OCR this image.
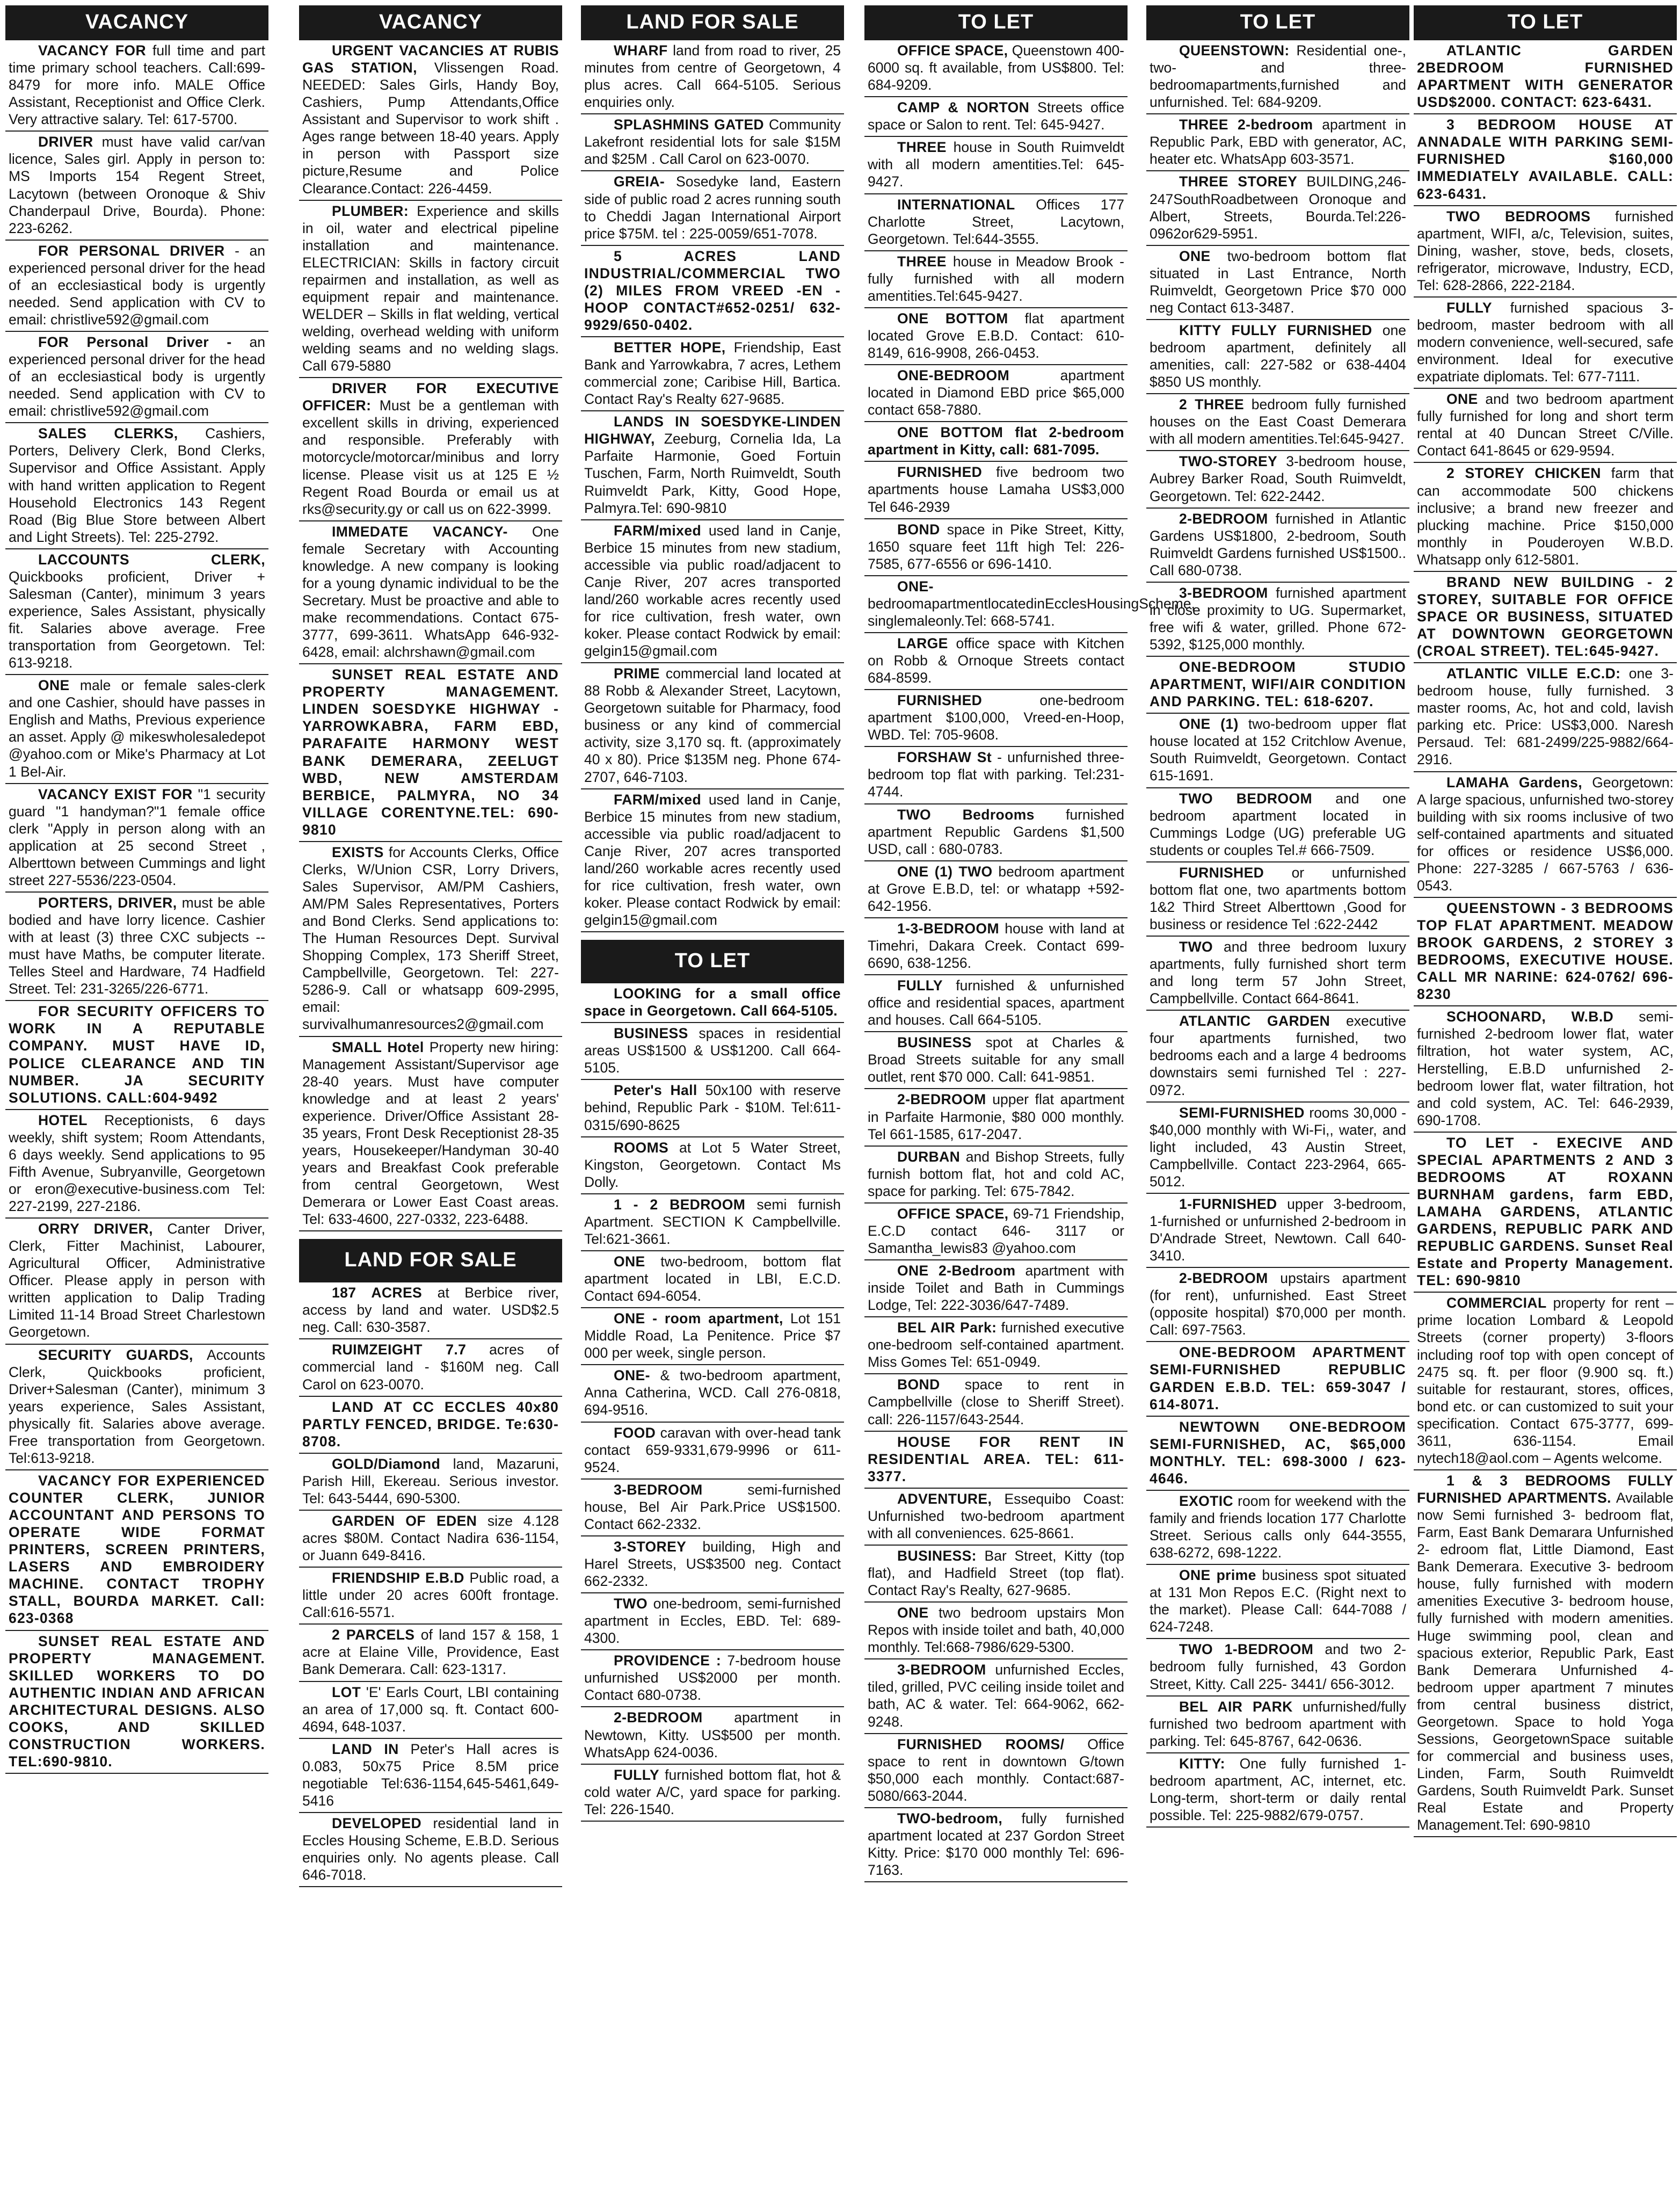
VACANCY
VACANCY FOR full time and part time primary school teachers. Call:699-8479 for more info. MALE Office Assistant, Receptionist and Office Clerk. Very attractive salary. Tel: 617-5700.
DRIVER must have valid car/van licence, Sales girl. Apply in person to: MS Imports 154 Regent Street, Lacytown (between Oronoque & Shiv Chanderpaul Drive, Bourda). Phone: 223-6262.
FOR PERSONAL DRIVER - an experienced personal driver for the head of an ecclesiastical body is urgently needed. Send application with CV to email: christlive592@gmail.com
FOR Personal Driver - an experienced personal driver for the head of an ecclesiastical body is urgently needed. Send application with CV to email: christlive592@gmail.com
SALES CLERKS, Cashiers, Porters, Delivery Clerk, Bond Clerks, Supervisor and Office Assistant. Apply with hand written application to Regent Household Electronics 143 Regent Road (Big Blue Store between Albert and Light Streets). Tel: 225-2792.
LACCOUNTS CLERK, Quickbooks proficient, Driver + Salesman (Canter), minimum 3 years experience, Sales Assistant, physically fit. Salaries above average. Free transportation from Georgetown. Tel: 613-9218.
ONE male or female sales-clerk and one Cashier, should have passes in English and Maths, Previous experience an asset. Apply @ mikeswholesaledepot @yahoo.com or Mike's Pharmacy at Lot 1 Bel-Air.
VACANCY EXIST FOR "1 security guard "1 handyman?"1 female office clerk "Apply in person along with an application at 25 second Street , Alberttown between Cummings and light street 227-5536/223-0504.
PORTERS, DRIVER, must be able bodied and have lorry licence. Cashier with at least (3) three CXC subjects -- must have Maths, be computer literate. Telles Steel and Hardware, 74 Hadfield Street. Tel: 231-3265/226-6771.
FOR SECURITY OFFICERS TO WORK IN A REPUTABLE COMPANY. MUST HAVE ID, POLICE CLEARANCE AND TIN NUMBER. JA SECURITY SOLUTIONS. CALL:604-9492
HOTEL Receptionists, 6 days weekly, shift system; Room Attendants, 6 days weekly. Send applications to 95 Fifth Avenue, Subryanville, Georgetown or eron@executive-business.com Tel: 227-2199, 227-2186.
ORRY DRIVER, Canter Driver, Clerk, Fitter Machinist, Labourer, Agricultural Officer, Administrative Officer. Please apply in person with written application to Dalip Trading Limited 11-14 Broad Street Charlestown Georgetown.
SECURITY GUARDS, Accounts Clerk, Quickbooks proficient, Driver+Salesman (Canter), minimum 3 years experience, Sales Assistant, physically fit. Salaries above average. Free transportation from Georgetown. Tel:613-9218.
VACANCY FOR EXPERIENCED COUNTER CLERK, JUNIOR ACCOUNTANT AND PERSONS TO OPERATE WIDE FORMAT PRINTERS, SCREEN PRINTERS, LASERS AND EMBROIDERY MACHINE. CONTACT TROPHY STALL, BOURDA MARKET. Call: 623-0368
SUNSET REAL ESTATE AND PROPERTY MANAGEMENT. SKILLED WORKERS TO DO AUTHENTIC INDIAN AND AFRICAN ARCHITECTURAL DESIGNS. ALSO COOKS, AND SKILLED CONSTRUCTION WORKERS. TEL:690-9810.
VACANCY
URGENT VACANCIES AT RUBIS GAS STATION, Vlissengen Road. NEEDED: Sales Girls, Handy Boy, Cashiers, Pump Attendants,Office Assistant and Supervisor to work shift . Ages range between 18-40 years. Apply in person with Passport size picture,Resume and Police Clearance.Contact: 226-4459.
PLUMBER: Experience and skills in oil, water and electrical pipeline installation and maintenance. ELECTRICIAN: Skills in factory circuit repairmen and installation, as well as equipment repair and maintenance. WELDER – Skills in flat welding, vertical welding, overhead welding with uniform welding seams and no welding slags. Call 679-5880
DRIVER FOR EXECUTIVE OFFICER: Must be a gentleman with excellent skills in driving, experienced and responsible. Preferably with motorcycle/motorcar/minibus and lorry license. Please visit us at 125 E ½ Regent Road Bourda or email us at rks@security.gy or call us on 622-3999.
IMMEDATE VACANCY- One female Secretary with Accounting knowledge. A new company is looking for a young dynamic individual to be the Secretary. Must be proactive and able to make recommendations. Contact 675-3777, 699-3611. WhatsApp 646-932-6428, email: alchrshawn@gmail.com
SUNSET REAL ESTATE AND PROPERTY MANAGEMENT. LINDEN SOESDYKE HIGHWAY - YARROWKABRA, FARM EBD, PARAFAITE HARMONY WEST BANK DEMERARA, ZEELUGT WBD, NEW AMSTERDAM BERBICE, PALMYRA, NO 34 VILLAGE CORENTYNE.TEL: 690-9810
EXISTS for Accounts Clerks, Office Clerks, W/Union CSR, Lorry Drivers, Sales Supervisor, AM/PM Cashiers, AM/PM Sales Representatives, Porters and Bond Clerks. Send applications to: The Human Resources Dept. Survival Shopping Complex, 173 Sheriff Street, Campbellville, Georgetown. Tel: 227-5286-9. Call or whatsapp 609-2995, email: survivalhumanresources2@gmail.com
SMALL Hotel Property new hiring: Management Assistant/Supervisor age 28-40 years. Must have computer knowledge and at least 2 years' experience. Driver/Office Assistant 28-35 years, Front Desk Receptionist 28-35 years, Housekeeper/Handyman 30-40 years and Breakfast Cook preferable from central Georgetown, West Demerara or Lower East Coast areas. Tel: 633-4600, 227-0332, 223-6488.
LAND FOR SALE
187 ACRES at Berbice river, access by land and water. USD$2.5 neg. Call: 630-3587.
RUIMZEIGHT 7.7 acres of commercial land - $160M neg. Call Carol on 623-0070.
LAND AT CC ECCLES 40x80 PARTLY FENCED, BRIDGE. Te:630-8708.
GOLD/Diamond land, Mazaruni, Parish Hill, Ekereau. Serious investor. Tel: 643-5444, 690-5300.
GARDEN OF EDEN size 4.128 acres $80M. Contact Nadira 636-1154, or Juann 649-8416.
FRIENDSHIP E.B.D Public road, a little under 20 acres 600ft frontage. Call:616-5571.
2 PARCELS of land 157 & 158, 1 acre at Elaine Ville, Providence, East Bank Demerara. Call: 623-1317.
LOT 'E' Earls Court, LBI containing an area of 17,000 sq. ft. Contact 600-4694, 648-1037.
LAND IN Peter's Hall acres is 0.083, 50x75 Price 8.5M price negotiable Tel:636-1154,645-5461,649-5416
DEVELOPED residential land in Eccles Housing Scheme, E.B.D. Serious enquiries only. No agents please. Call 646-7018.
LAND FOR SALE
WHARF land from road to river, 25 minutes from centre of Georgetown, 4 plus acres. Call 664-5105. Serious enquiries only.
SPLASHMINS GATED Community Lakefront residential lots for sale $15M and $25M . Call Carol on 623-0070.
GREIA- Sosedyke land, Eastern side of public road 2 acres running south to Cheddi Jagan International Airport price $75M. tel : 225-0059/651-7078.
5 ACRES LAND INDUSTRIAL/COMMERCIAL TWO (2) MILES FROM VREED -EN - HOOP CONTACT#652-0251/ 632-9929/650-0402.
BETTER HOPE, Friendship, East Bank and Yarrowkabra, 7 acres, Lethem commercial zone; Caribise Hill, Bartica. Contact Ray's Realty 627-9685.
LANDS IN SOESDYKE-LINDEN HIGHWAY, Zeeburg, Cornelia Ida, La Parfaite Harmonie, Goed Fortuin Tuschen, Farm, North Ruimveldt, South Ruimveldt Park, Kitty, Good Hope, Palmyra.Tel: 690-9810
FARM/mixed used land in Canje, Berbice 15 minutes from new stadium, accessible via public road/adjacent to Canje River, 207 acres transported land/260 workable acres recently used for rice cultivation, fresh water, own koker. Please contact Rodwick by email: gelgin15@gmail.com
PRIME commercial land located at 88 Robb & Alexander Street, Lacytown, Georgetown suitable for Pharmacy, food business or any kind of commercial activity, size 3,170 sq. ft. (approximately 40 x 80). Price $135M neg. Phone 674-2707, 646-7103.
FARM/mixed used land in Canje, Berbice 15 minutes from new stadium, accessible via public road/adjacent to Canje River, 207 acres transported land/260 workable acres recently used for rice cultivation, fresh water, own koker. Please contact Rodwick by email: gelgin15@gmail.com
TO LET
LOOKING for a small office space in Georgetown. Call 664-5105.
BUSINESS spaces in residential areas US$1500 & US$1200. Call 664-5105.
Peter's Hall 50x100 with reserve behind, Republic Park - $10M. Tel:611-0315/690-8625
ROOMS at Lot 5 Water Street, Kingston, Georgetown. Contact Ms Dolly.
1 - 2 BEDROOM semi furnish Apartment. SECTION K Campbellville. Tel:621-3661.
ONE two-bedroom, bottom flat apartment located in LBI, E.C.D. Contact 694-6054.
ONE - room apartment, Lot 151 Middle Road, La Penitence. Price $7 000 per week, single person.
ONE- & two-bedroom apartment, Anna Catherina, WCD. Call 276-0818, 694-9516.
FOOD caravan with over-head tank contact 659-9331,679-9996 or 611-9524.
3-BEDROOM semi-furnished house, Bel Air Park.Price US$1500. Contact 662-2332.
3-STOREY building, High and Harel Streets, US$3500 neg. Contact 662-2332.
TWO one-bedroom, semi-furnished apartment in Eccles, EBD. Tel: 689-4300.
PROVIDENCE : 7-bedroom house unfurnished US$2000 per month. Contact 680-0738.
2-BEDROOM apartment in Newtown, Kitty. US$500 per month. WhatsApp 624-0036.
FULLY furnished bottom flat, hot & cold water A/C, yard space for parking. Tel: 226-1540.
TO LET
OFFICE SPACE, Queenstown 400-6000 sq. ft available, from US$800. Tel: 684-9209.
CAMP & NORTON Streets office space or Salon to rent. Tel: 645-9427.
THREE house in South Ruimveldt with all modern amentities.Tel: 645-9427.
INTERNATIONAL Offices 177 Charlotte Street, Lacytown, Georgetown. Tel:644-3555.
THREE house in Meadow Brook - fully furnished with all modern amentities.Tel:645-9427.
ONE BOTTOM flat apartment located Grove E.B.D. Contact: 610-8149, 616-9908, 266-0453.
ONE-BEDROOM apartment located in Diamond EBD price $65,000 contact 658-7880.
ONE BOTTOM flat 2-bedroom apartment in Kitty, call: 681-7095.
FURNISHED five bedroom two apartments house Lamaha US$3,000 Tel 646-2939
BOND space in Pike Street, Kitty, 1650 square feet 11ft high Tel: 226-7585, 677-6556 or 696-1410.
ONE- bedroomapartmentlocatedinEcclesHousingScheme, singlemaleonly.Tel: 668-5741.
LARGE office space with Kitchen on Robb & Ornoque Streets contact 684-8599.
FURNISHED one-bedroom apartment $100,000, Vreed-en-Hoop, WBD. Tel: 705-9608.
FORSHAW St - unfurnished three-bedroom top flat with parking. Tel:231-4744.
TWO Bedrooms furnished apartment Republic Gardens $1,500 USD, call : 680-0783.
ONE (1) TWO bedroom apartment at Grove E.B.D, tel: or whatapp +592-642-1956.
1-3-BEDROOM house with land at Timehri, Dakara Creek. Contact 699-6690, 638-1256.
FULLY furnished & unfurnished office and residential spaces, apartment and houses. Call 664-5105.
BUSINESS spot at Charles & Broad Streets suitable for any small outlet, rent $70 000. Call: 641-9851.
2-BEDROOM upper flat apartment in Parfaite Harmonie, $80 000 monthly. Tel 661-1585, 617-2047.
DURBAN and Bishop Streets, fully furnish bottom flat, hot and cold AC, space for parking. Tel: 675-7842.
OFFICE SPACE, 69-71 Friendship, E.C.D contact 646- 3117 or Samantha_lewis83 @yahoo.com
ONE 2-Bedroom apartment with inside Toilet and Bath in Cummings Lodge, Tel: 222-3036/647-7489.
BEL AIR Park: furnished executive one-bedroom self-contained apartment. Miss Gomes Tel: 651-0949.
BOND space to rent in Campbellville (close to Sheriff Street). call: 226-1157/643-2544.
HOUSE FOR RENT IN RESIDENTIAL AREA. TEL: 611-3377.
ADVENTURE, Essequibo Coast: Unfurnished two-bedroom apartment with all conveniences. 625-8661.
BUSINESS: Bar Street, Kitty (top flat), and Hadfield Street (top flat). Contact Ray's Realty, 627-9685.
ONE two bedroom upstairs Mon Repos with inside toilet and bath, 40,000 monthly. Tel:668-7986/629-5300.
3-BEDROOM unfurnished Eccles, tiled, grilled, PVC ceiling inside toilet and bath, AC & water. Tel: 664-9062, 662-9248.
FURNISHED ROOMS/ Office space to rent in downtown G/town $50,000 each monthly. Contact:687-5080/663-2044.
TWO-bedroom, fully furnished apartment located at 237 Gordon Street Kitty. Price: $170 000 monthly Tel: 696-7163.
TO LET
QUEENSTOWN: Residential one-, two- and three-bedroomapartments,furnished and unfurnished. Tel: 684-9209.
THREE 2-bedroom apartment in Republic Park, EBD with generator, AC, heater etc. WhatsApp 603-3571.
THREE STOREY BUILDING,246-247SouthRoadbetween Oronoque and Albert, Streets, Bourda.Tel:226-0962or629-5951.
ONE two-bedroom bottom flat situated in Last Entrance, North Ruimveldt, Georgetown Price $70 000 neg Contact 613-3487.
KITTY FULLY FURNISHED one bedroom apartment, definitely all amenities, call: 227-582 or 638-4404 $850 US monthly.
2 THREE bedroom fully furnished houses on the East Coast Demerara with all modern amentities.Tel:645-9427.
TWO-STOREY 3-bedroom house, Aubrey Barker Road, South Ruimveldt, Georgetown. Tel: 622-2442.
2-BEDROOM furnished in Atlantic Gardens US$1800, 2-bedroom, South Ruimveldt Gardens furnished US$1500.. Call 680-0738.
3-BEDROOM furnished apartment in close proximity to UG. Supermarket, free wifi & water, grilled. Phone 672-5392, $125,000 monthly.
ONE-BEDROOM STUDIO APARTMENT, WIFI/AIR CONDITION AND PARKING. TEL: 618-6207.
ONE (1) two-bedroom upper flat house located at 152 Critchlow Avenue, South Ruimveldt, Georgetown. Contact 615-1691.
TWO BEDROOM and one bedroom apartment located in Cummings Lodge (UG) preferable UG students or couples Tel.# 666-7509.
FURNISHED or unfurnished bottom flat one, two apartments bottom 1&2 Third Street Alberttown ,Good for business or residence Tel :622-2442
TWO and three bedroom luxury apartments, fully furnished short term and long term 57 John Street, Campbellville. Contact 664-8641.
ATLANTIC GARDEN executive four apartments furnished, two bedrooms each and a large 4 bedrooms downstairs semi furnished Tel : 227-0972.
SEMI-FURNISHED rooms 30,000 - $40,000 monthly with Wi-Fi,, water, and light included, 43 Austin Street, Campbellville. Contact 223-2964, 665-5012.
1-FURNISHED upper 3-bedroom, 1-furnished or unfurnished 2-bedroom in D'Andrade Street, Newtown. Call 640-3410.
2-BEDROOM upstairs apartment (for rent), unfurnished. East Street (opposite hospital) $70,000 per month. Call: 697-7563.
ONE-BEDROOM APARTMENT SEMI-FURNISHED REPUBLIC GARDEN E.B.D. TEL: 659-3047 / 614-8071.
NEWTOWN ONE-BEDROOM SEMI-FURNISHED, AC, $65,000 MONTHLY. TEL: 698-3000 / 623-4646.
EXOTIC room for weekend with the family and friends location 177 Charlotte Street. Serious calls only 644-3555, 638-6272, 698-1222.
ONE prime business spot situated at 131 Mon Repos E.C. (Right next to the market). Please Call: 644-7088 / 624-7248.
TWO 1-BEDROOM and two 2-bedroom fully furnished, 43 Gordon Street, Kitty. Call 225- 3441/ 656-3012.
BEL AIR PARK unfurnished/fully furnished two bedroom apartment with parking. Tel: 645-8767, 642-0636.
KITTY: One fully furnished 1-bedroom apartment, AC, internet, etc. Long-term, short-term or daily rental possible. Tel: 225-9882/679-0757.
TO LET
ATLANTIC GARDEN 2BEDROOM FURNISHED APARTMENT WITH GENERATOR USD$2000. CONTACT: 623-6431.
3 BEDROOM HOUSE AT ANNADALE WITH PARKING SEMI-FURNISHED $160,000 IMMEDIATELY AVAILABLE. CALL: 623-6431.
TWO BEDROOMS furnished apartment, WIFI, a/c, Television, suites, Dining, washer, stove, beds, closets, refrigerator, microwave, Industry, ECD, Tel: 628-2866, 222-2184.
FULLY furnished spacious 3-bedroom, master bedroom with all modern convenience, well-secured, safe environment. Ideal for executive expatriate diplomats. Tel: 677-7111.
ONE and two bedroom apartment fully furnished for long and short term rental at 40 Duncan Street C/Ville. Contact 641-8645 or 629-9594.
2 STOREY CHICKEN farm that can accommodate 500 chickens inclusive; a brand new freezer and plucking machine. Price $150,000 monthly in Pouderoyen W.B.D. Whatsapp only 612-5801.
BRAND NEW BUILDING - 2 STOREY, SUITABLE FOR OFFICE SPACE OR BUSINESS, SITUATED AT DOWNTOWN GEORGETOWN (CROAL STREET). TEL:645-9427.
ATLANTIC VILLE E.C.D: one 3-bedroom house, fully furnished. 3 master rooms, Ac, hot and cold, lavish parking etc. Price: US$3,000. Naresh Persaud. Tel: 681-2499/225-9882/664-2916.
LAMAHA Gardens, Georgetown: A large spacious, unfurnished two-storey building with six rooms inclusive of two self-contained apartments and situated for offices or residence US$6,000. Phone: 227-3285 / 667-5763 / 636-0543.
QUEENSTOWN - 3 BEDROOMS TOP FLAT APARTMENT. MEADOW BROOK GARDENS, 2 STOREY 3 BEDROOMS, EXECUTIVE HOUSE. CALL MR NARINE: 624-0762/ 696-8230
SCHOONARD, W.B.D semi-furnished 2-bedroom lower flat, water filtration, hot water system, AC, Herstelling, E.B.D unfurnished 2-bedroom lower flat, water filtration, hot and cold system, AC. Tel: 646-2939, 690-1708.
TO LET - EXECIVE AND SPECIAL APARTMENTS 2 AND 3 BEDROOMS AT ROXANN BURNHAM gardens, farm EBD, LAMAHA GARDENS, ATLANTIC GARDENS, REPUBLIC PARK AND REPUBLIC GARDENS. Sunset Real Estate and Property Management. TEL: 690-9810
COMMERCIAL property for rent – prime location Lombard & Leopold Streets (corner property) 3-floors including roof top with open concept of 2475 sq. ft. per floor (9.900 sq. ft.) suitable for restaurant, stores, offices, bond etc. or can customized to suit your specification. Contact 675-3777, 699-3611, 636-1154. Email nytech18@aol.com – Agents welcome.
1 & 3 BEDROOMS FULLY FURNISHED APARTMENTS. Available now Semi furnished 3- bedroom flat, Farm, East Bank Demarara Unfurnished 2- edroom flat, Little Diamond, East Bank Demerara. Executive 3- bedroom house, fully furnished with modern amenities Executive 3- bedroom house, fully furnished with modern amenities. Huge swimming pool, clean and spacious exterior, Republic Park, East Bank Demerara Unfurnished 4- bedroom upper apartment 7 minutes from central business district, Georgetown. Space to hold Yoga Sessions, GeorgetownSpace suitable for commercial and business uses, Linden, Farm, South Ruimveldt Gardens, South Ruimveldt Park. Sunset Real Estate and Property Management.Tel: 690-9810
